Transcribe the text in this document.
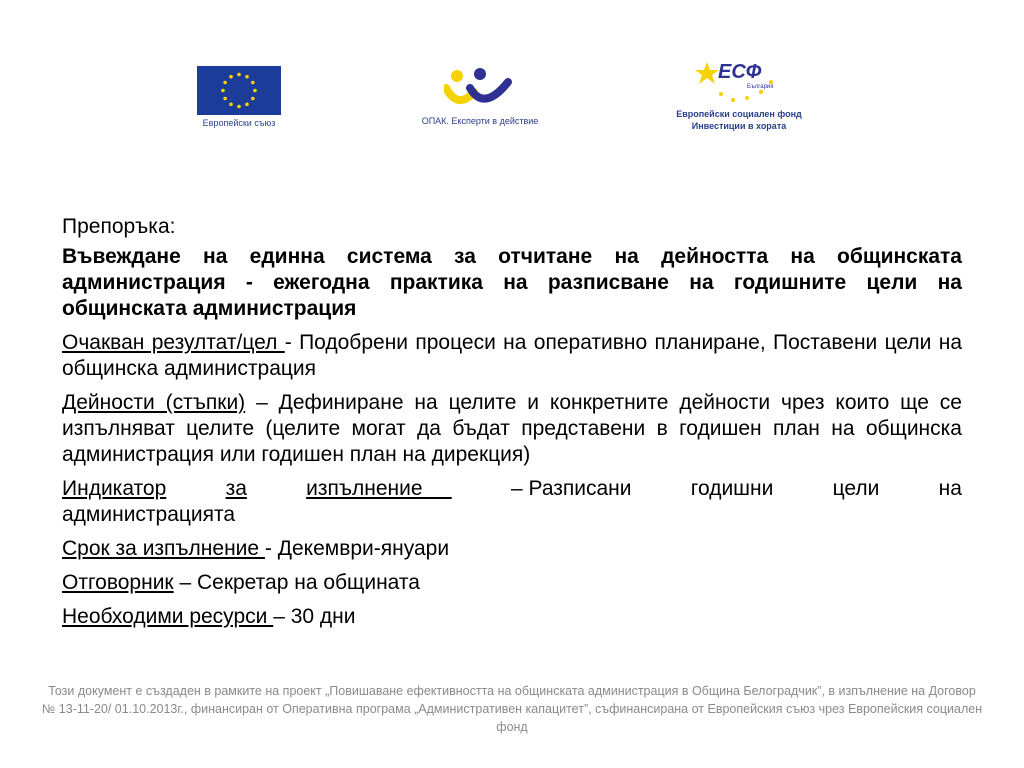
Европейски съюз	ОПАК. Експерти в действие
ЕСФ
България
Европейски социален фонд
Инвестиции в хората

Препоръка:

Въвеждане на единна система за отчитане на дейността на общинската администрация - ежегодна практика на разписване на годишните цели на общинската администрация

Очакван резултат/цел - Подобрени процеси на оперативно планиране, Поставени цели на общинска администрация

Дейности (стъпки) – Дефиниране на целите и конкретните дейности чрез които ще се изпълняват целите (целите могат да бъдат представени в годишен план на общинска администрация или годишен план на дирекция)

Индикатор	за	изпълнение	– Разписани	годишни	цели	на
администрацията

Срок за изпълнение - Декември-януари

Отговорник – Секретар на общината

Необходими ресурси – 30 дни

Този документ е създаден в рамките на проект „Повишаване ефективността на общинската администрация в Община Белоградчик”, в изпълнение на Договор № 13-11-20/ 01.10.2013г., финансиран от Оперативна програма „Административен капацитет”, съфинансирана от Европейския съюз чрез Европейския социален фонд
